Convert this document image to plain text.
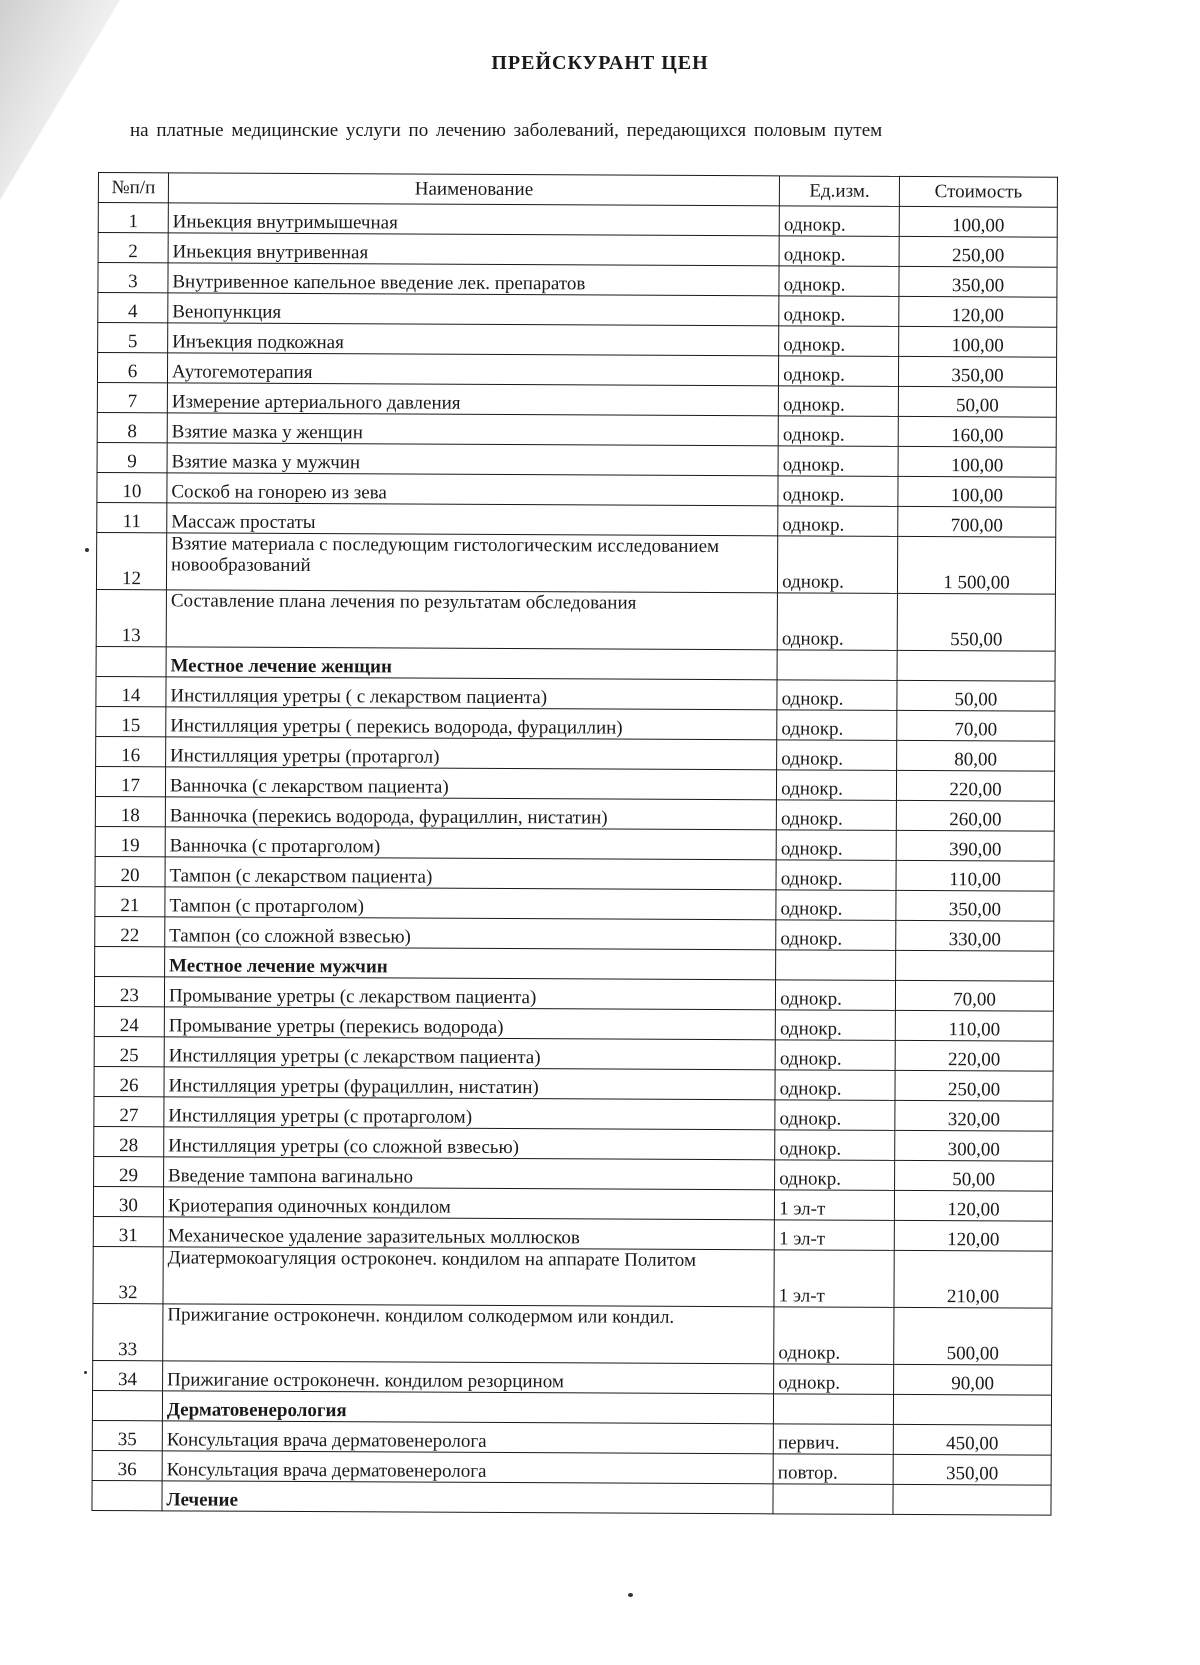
ПРЕЙСКУРАНТ ЦЕН
на платные медицинские услуги по лечению заболеваний, передающихся половым путем
№п/п	Наименование	Ед.изм.	Стоимость
1	Иньекция внутримышечная	однокр.	100,00
2	Иньекция внутривенная	однокр.	250,00
3	Внутривенное капельное введение лек. препаратов	однокр.	350,00
4	Венопункция	однокр.	120,00
5	Инъекция подкожная	однокр.	100,00
6	Аутогемотерапия	однокр.	350,00
7	Измерение артериального давления	однокр.	50,00
8	Взятие мазка у женщин	однокр.	160,00
9	Взятие мазка у мужчин	однокр.	100,00
10	Соскоб на гонорею из зева	однокр.	100,00
11	Массаж простаты	однокр.	700,00
12	Взятие материала с последующим гистологическим исследованием новообразований	однокр.	1 500,00
13	Составление плана лечения по результатам обследования	однокр.	550,00
	Местное лечение женщин		
14	Инстилляция уретры ( с лекарством пациента)	однокр.	50,00
15	Инстилляция уретры ( перекись водорода, фурациллин)	однокр.	70,00
16	Инстилляция уретры (протаргол)	однокр.	80,00
17	Ванночка (с лекарством пациента)	однокр.	220,00
18	Ванночка (перекись водорода, фурациллин, нистатин)	однокр.	260,00
19	Ванночка (с протарголом)	однокр.	390,00
20	Тампон (с лекарством пациента)	однокр.	110,00
21	Тампон (с протарголом)	однокр.	350,00
22	Тампон (со сложной взвесью)	однокр.	330,00
	Местное лечение мужчин		
23	Промывание уретры (с лекарством пациента)	однокр.	70,00
24	Промывание уретры (перекись водорода)	однокр.	110,00
25	Инстилляция уретры (с лекарством пациента)	однокр.	220,00
26	Инстилляция уретры (фурациллин, нистатин)	однокр.	250,00
27	Инстилляция уретры (с протарголом)	однокр.	320,00
28	Инстилляция уретры (со сложной взвесью)	однокр.	300,00
29	Введение тампона вагинально	однокр.	50,00
30	Криотерапия одиночных кондилом	1 эл-т	120,00
31	Механическое удаление заразительных моллюсков	1 эл-т	120,00
32	Диатермокоагуляция остроконеч. кондилом на аппарате Политом	1 эл-т	210,00
33	Прижигание остроконечн. кондилом солкодермом или кондил.	однокр.	500,00
34	Прижигание остроконечн. кондилом резорцином	однокр.	90,00
	Дерматовенерология		
35	Консультация врача дерматовенеролога	первич.	450,00
36	Консультация врача дерматовенеролога	повтор.	350,00
	Лечение		
